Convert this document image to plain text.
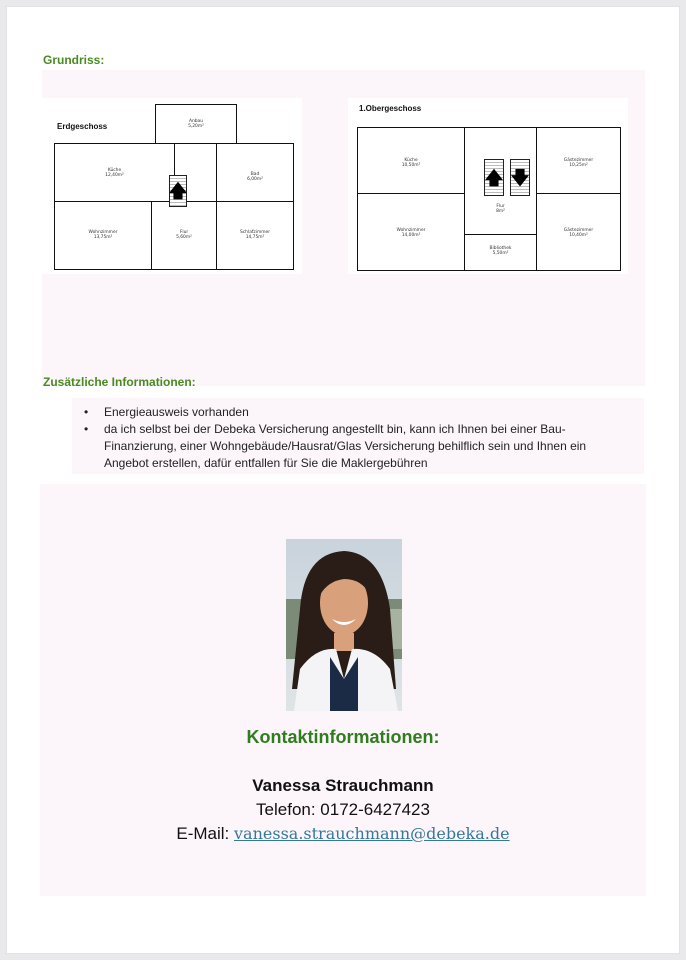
Grundriss:
Erdgeschoss
Anbau
5,20m²
Küche
12,40m²	Bad
6,00m²
Wohnzimmer
13,75m²
Flur
5,60m²
Schlafzimmer
14,75m²
🡅
1.Obergeschoss
Küche
10,50m²
Flur
8m²
Gästezimmer
10,25m²
Wohnzimmer
14,00m²
Bibliothek
5,50m²
Gästezimmer
10,40m²
🡅 🡇
Zusätzliche Informationen:
• Energieausweis vorhanden
• da ich selbst bei der Debeka Versicherung angestellt bin, kann ich Ihnen bei einer Bau-Finanzierung, einer Wohngebäude/Hausrat/Glas Versicherung behilflich sein und Ihnen ein Angebot erstellen, dafür entfallen für Sie die Maklergebühren
Kontaktinformationen:
Vanessa Strauchmann
Telefon: 0172-6427423
E-Mail: vanessa.strauchmann@debeka.de
